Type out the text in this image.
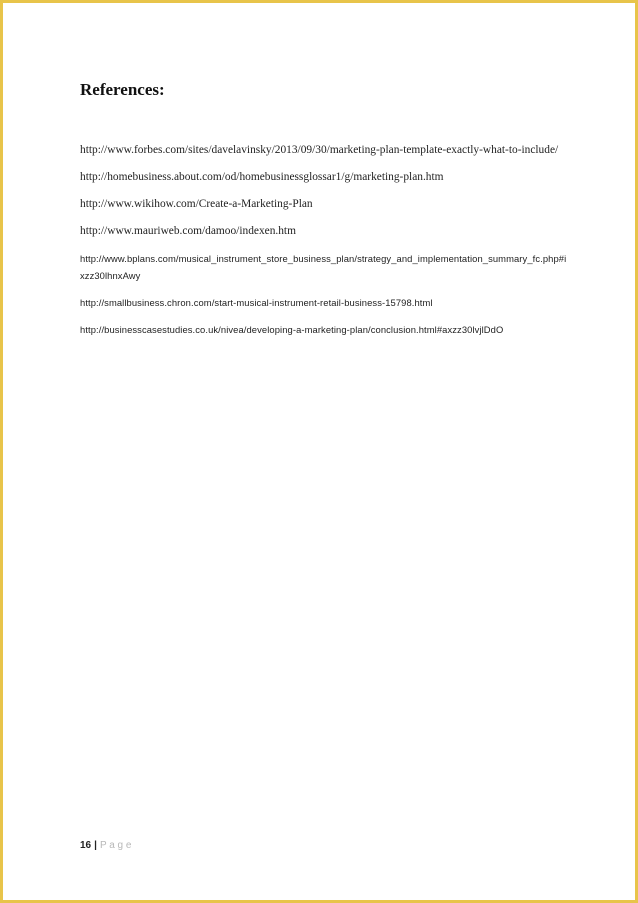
References:
http://www.forbes.com/sites/davelavinsky/2013/09/30/marketing-plan-template-exactly-what-to-include/
http://homebusiness.about.com/od/homebusinessglossar1/g/marketing-plan.htm
http://www.wikihow.com/Create-a-Marketing-Plan
http://www.mauriweb.com/damoo/indexen.htm
http://www.bplans.com/musical_instrument_store_business_plan/strategy_and_implementation_summary_fc.php#ixzz30lhnxAwy
http://smallbusiness.chron.com/start-musical-instrument-retail-business-15798.html
http://businesscasestudies.co.uk/nivea/developing-a-marketing-plan/conclusion.html#axzz30lvjlDdO
16 | P a g e
